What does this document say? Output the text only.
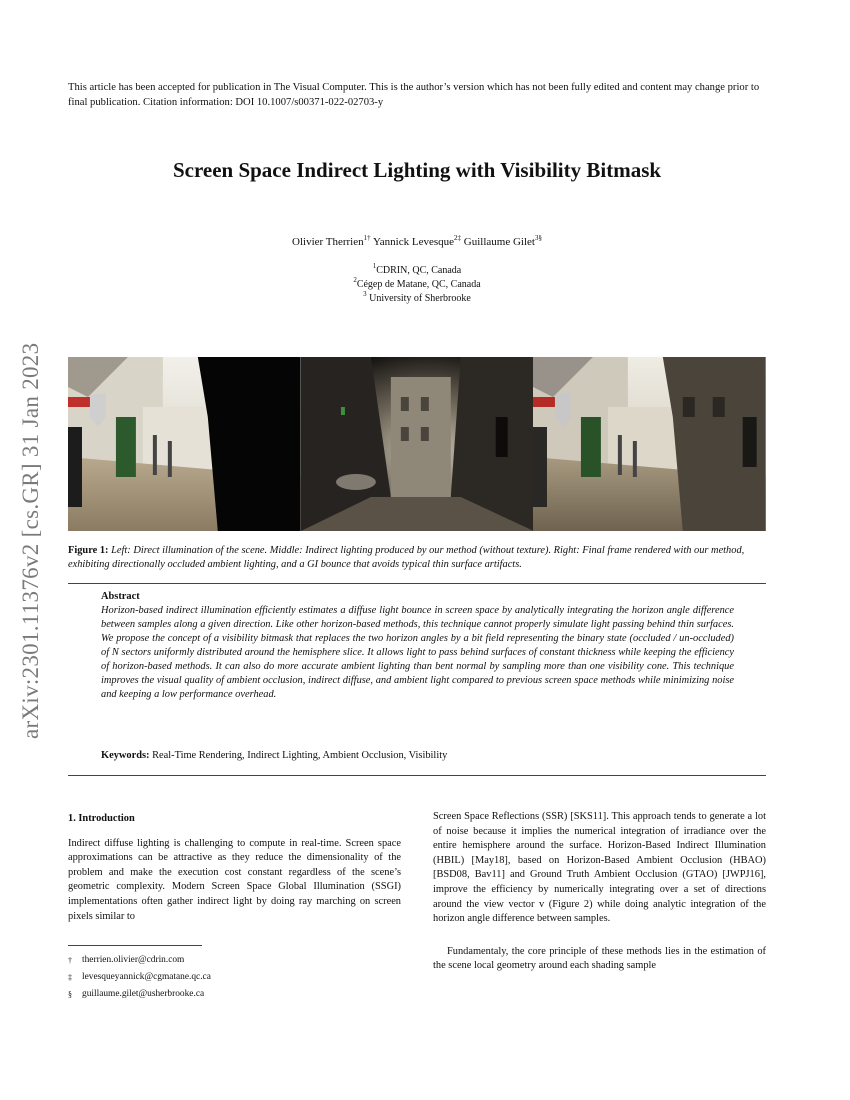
This article has been accepted for publication in The Visual Computer. This is the author’s version which has not been fully edited and content may change prior to final publication. Citation information: DOI 10.1007/s00371-022-02703-y
Screen Space Indirect Lighting with Visibility Bitmask
Olivier Therrien$^{1\dagger}$ Yannick Levesque$^{2\ddagger}$ Guillaume Gilet$^{3\S}$
$^1$CDRIN, QC, Canada
$^2$Cégep de Matane, QC, Canada
$^3$ University of Sherbrooke
arXiv:2301.11376v2 [cs.GR] 31 Jan 2023	Figure 1: Left: Direct illumination of the scene. Middle: Indirect lighting produced by our method (without texture). Right: Final frame rendered with our method, exhibiting directionally occluded ambient lighting, and a GI bounce that avoids typical thin surface artifacts.
Abstract
Horizon-based indirect illumination efficiently estimates a diffuse light bounce in screen space by analytically integrating the horizon angle difference between samples along a given direction. Like other horizon-based methods, this technique cannot properly simulate light passing behind thin surfaces. We propose the concept of a visibility bitmask that replaces the two horizon angles by a bit field representing the binary state (occluded / un-occluded) of N sectors uniformly distributed around the hemisphere slice. It allows light to pass behind surfaces of constant thickness while keeping the efficiency of horizon-based methods. It can also do more accurate ambient lighting than bent normal by sampling more than one visibility cone. This technique improves the visual quality of ambient occlusion, indirect diffuse, and ambient light compared to previous screen space methods while minimizing noise and keeping a low performance overhead.
Keywords: Real-Time Rendering, Indirect Lighting, Ambient Occlusion, Visibility
1. Introduction

Indirect diffuse lighting is challenging to compute in real-time. Screen space approximations can be attractive as they reduce the dimensionality of the problem and make the execution cost constant regardless of the scene’s geometric complexity. Modern Screen Space Global Illumination (SSGI) implementations often gather indirect light by doing ray marching on screen pixels similar to

†	therrien.olivier@cdrin.com
‡	levesqueyannick@cgmatane.qc.ca
§	guillaume.gilet@usherbrooke.ca

Screen Space Reflections (SSR) [SKS11]. This approach tends to generate a lot of noise because it implies the numerical integration of irradiance over the entire hemisphere around the surface. Horizon-Based Indirect Illumination (HBIL) [May18], based on Horizon-Based Ambient Occlusion (HBAO) [BSD08, Bav11] and Ground Truth Ambient Occlusion (GTAO) [JWPJ16], improve the efficiency by numerically integrating over a set of directions around the view vector v (Figure 2) while doing analytic integration of the horizon angle difference between samples.

Fundamentaly, the core principle of these methods lies in the estimation of the scene local geometry around each shading sample
